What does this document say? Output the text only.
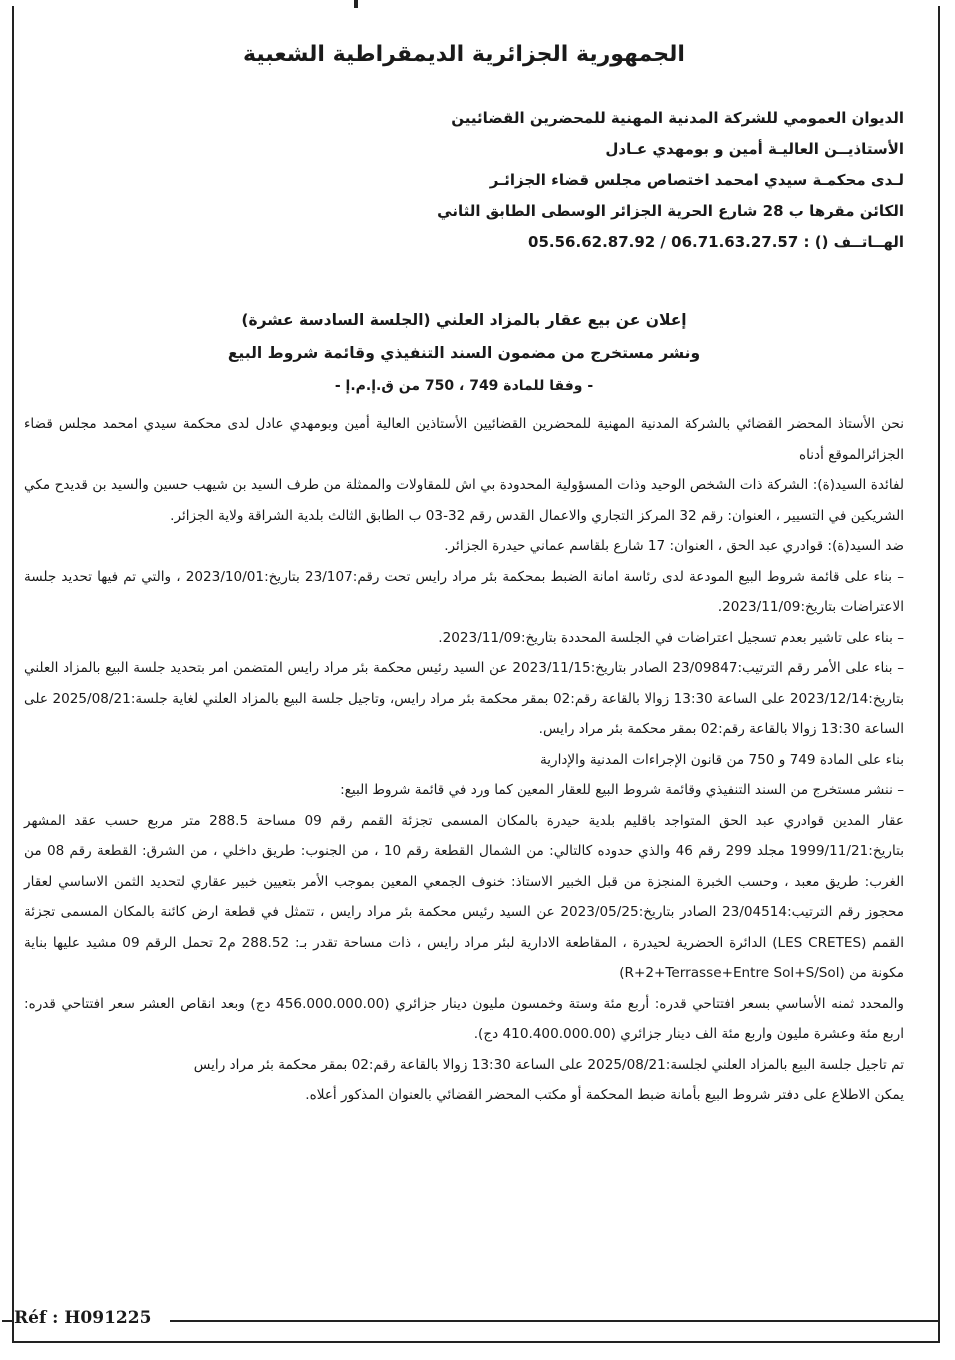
الجمهورية الجزائرية الديمقراطية الشعبية
الديوان العمومي للشركة المدنية المهنية للمحضرين القضائيين
الأستاذيــن العاليـة أمين و بومهدي عـادل
لـدى محكمـة سيدي امحمد اختصاص مجلس قضاء الجزائـر
الكائن مقرها ب 28 شارع الحرية الجزائر الوسطى الطابق الثاني
الهــاتــف () : 05.56.62.87.92 / 06.71.63.27.57
إعلان عن بيع عقار بالمزاد العلني (الجلسة السادسة عشرة)
ونشر مستخرج من مضمون السند التنفيذي وقائمة شروط البيع
- وفقا للمادة 749 ، 750 من ق.إ.م.إ -

نحن الأستاذ المحضر القضائي بالشركة المدنية المهنية للمحضرين القضائيين الأستاذين العالية أمين وبومهدي عادل لدى محكمة سيدي امحمد مجلس قضاء الجزائرالموقع أدناه

لفائدة السيد(ة): الشركة ذات الشخص الوحيد وذات المسؤولية المحدودة بي اش للمقاولات والممثلة من طرف السيد بن شيهب حسين والسيد بن قديدح مكي الشريكين في التسيير ، العنوان: رقم 32 المركز التجاري والاعمال القدس رقم 32-03 ب الطابق الثالث بلدية الشراقة ولاية الجزائر.

ضد السيد(ة): قوادري عبد الحق ، العنوان: 17 شارع بلقاسم عماني حيدرة الجزائر.

– بناء على قائمة شروط البيع المودعة لدى رئاسة امانة الضبط بمحكمة بئر مراد رايس تحت رقم:23/107 بتاريخ:2023/10/01 ، والتي تم فيها تحديد جلسة الاعتراضات بتاريخ:2023/11/09.

– بناء على تاشير بعدم تسجيل اعتراضات في الجلسة المحددة بتاريخ:2023/11/09.

– بناء على الأمر رقم الترتيب:23/09847 الصادر بتاريخ:2023/11/15 عن السيد رئيس محكمة بئر مراد رايس المتضمن امر بتحديد جلسة البيع بالمزاد العلني بتاريخ:2023/12/14 على الساعة 13:30 زوالا بالقاعة رقم:02 بمقر محكمة بئر مراد رايس، وتاجيل جلسة البيع بالمزاد العلني لغاية جلسة:2025/08/21 على الساعة 13:30 زوالا بالقاعة رقم:02 بمقر محكمة بئر مراد رايس.

بناء على المادة 749 و 750 من قانون الإجراءات المدنية والإدارية

– ننشر مستخرج من السند التنفيذي وقائمة شروط البيع للعقار المعين كما ورد في قائمة شروط البيع:

عقار المدين قوادري عبد الحق المتواجد باقليم بلدية حيدرة بالمكان المسمى تجزئة القمم رقم 09 مساحة 288.5 متر مربع حسب عقد المشهر بتاريخ:1999/11/21 مجلد 299 رقم 46 والذي حدوده كالتالي: من الشمال القطعة رقم 10 ، من الجنوب: طريق داخلي ، من الشرق: القطعة رقم 08 من الغرب: طريق معبد ، وحسب الخبرة المنجزة من قبل الخبير الاستاذ: خنوف الجمعي المعين بموجب الأمر بتعيين خبير عقاري لتحديد الثمن الاساسي لعقار محجوز رقم الترتيب:23/04514 الصادر بتاريخ:2023/05/25 عن السيد رئيس محكمة بئر مراد رايس ، تتمثل في قطعة ارض كائنة بالمكان المسمى تجزئة القمم (LES CRETES) الدائرة الحضرية لحيدرة ، المقاطعة الادارية لبئر مراد رايس ، ذات مساحة تقدر بـ: 288.52 م2 تحمل الرقم 09 مشيد عليها بناية مكونة من (R+2+Terrasse+Entre Sol+S/Sol)

والمحدد ثمنه الأساسي بسعر افتتاحي قدره: أربع مئة وستة وخمسون مليون دينار جزائري (456.000.000.00 دج) وبعد انقاص العشر سعر افتتاحي قدره: اربع مئة وعشرة مليون واربع مئة الف دينار جزائري (410.400.000.00 دج).

تم تاجيل جلسة البيع بالمزاد العلني لجلسة:2025/08/21 على الساعة 13:30 زوالا بالقاعة رقم:02 بمقر محكمة بئر مراد رايس

يمكن الاطلاع على دفتر شروط البيع بأمانة ضبط المحكمة أو مكتب المحضر القضائي بالعنوان المذكور أعلاه.

Réf : H091225
